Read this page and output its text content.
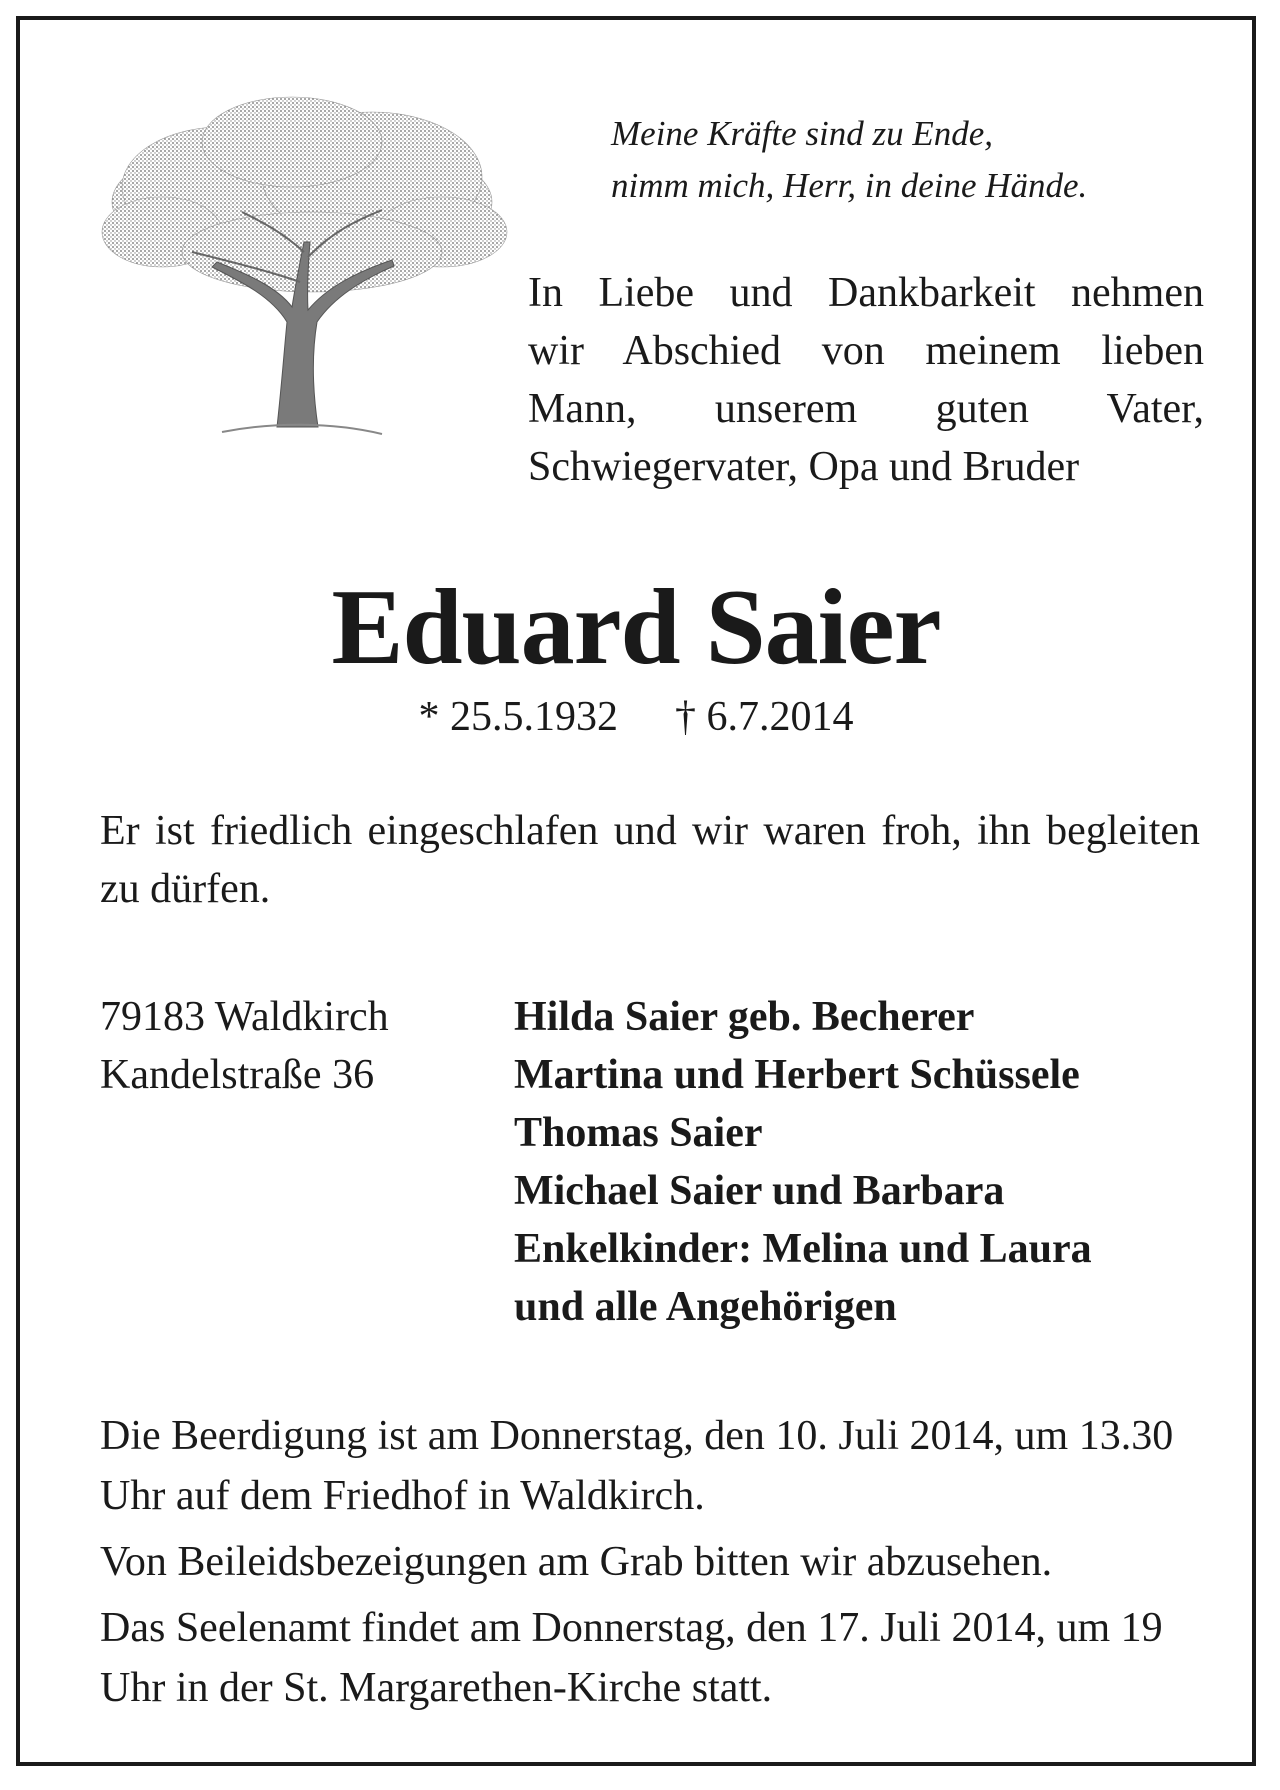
Meine Kräfte sind zu Ende,
nimm mich, Herr, in deine Hände.
In Liebe und Dankbarkeit nehmen
wir Abschied von meinem lieben
Mann, unserem guten Vater,
Schwiegervater, Opa und Bruder
Eduard Saier
* 25.5.1932 † 6.7.2014
Er ist friedlich eingeschlafen und wir waren froh, ihn begleiten zu dürfen.
79183 Waldkirch
Kandelstraße 36
Hilda Saier geb. Becherer
Martina und Herbert Schüssele
Thomas Saier
Michael Saier und Barbara
Enkelkinder: Melina und Laura
und alle Angehörigen

Die Beerdigung ist am Donnerstag, den 10. Juli 2014, um 13.30 Uhr auf dem Friedhof in Waldkirch.

Von Beileidsbezeigungen am Grab bitten wir abzusehen.

Das Seelenamt findet am Donnerstag, den 17. Juli 2014, um 19 Uhr in der St. Margarethen-Kirche statt.
